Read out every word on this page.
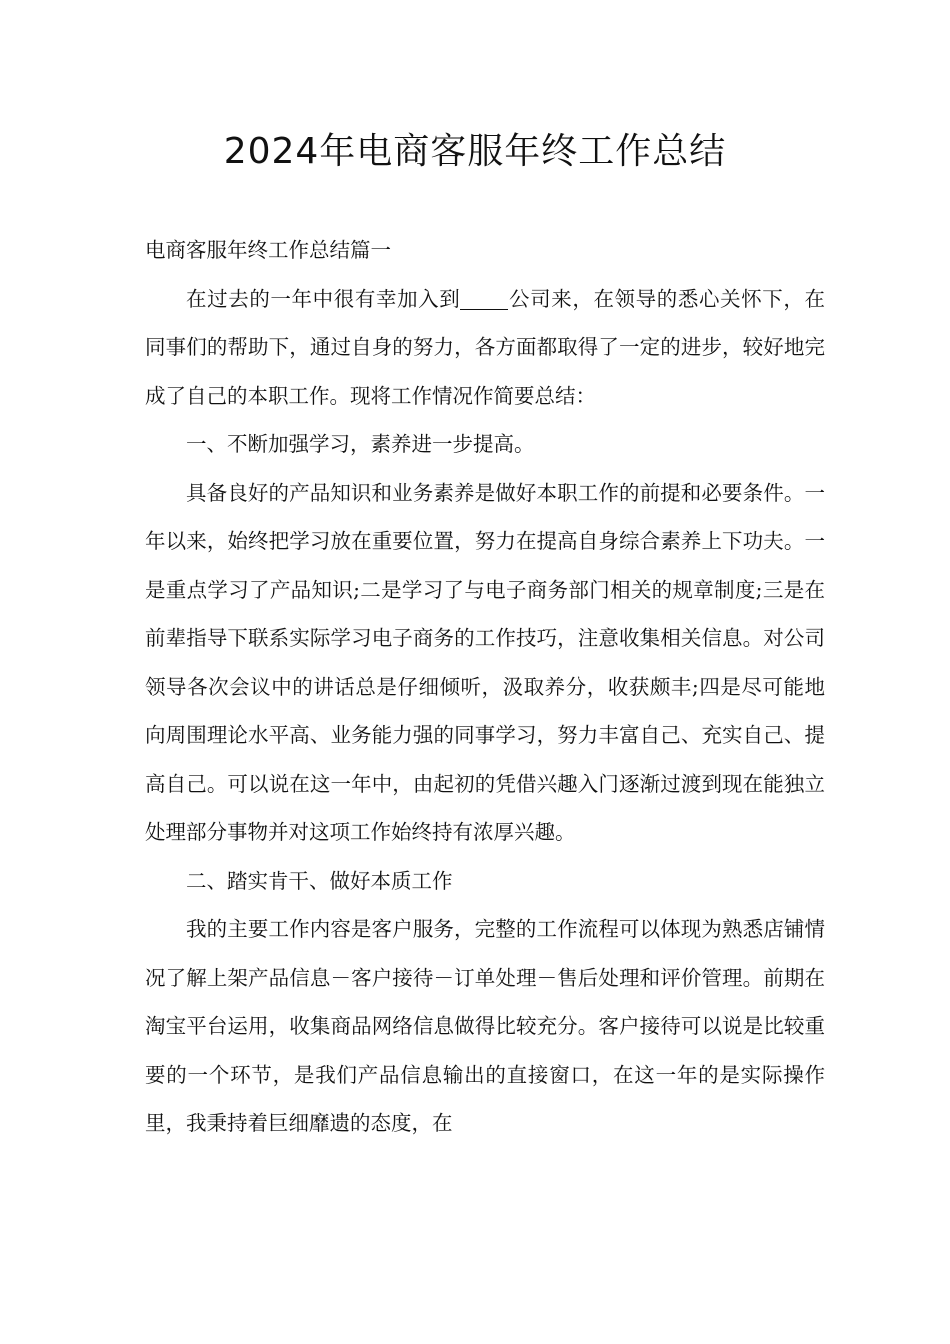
2024年电商客服年终工作总结

电商客服年终工作总结篇一

在过去的一年中很有幸加入到 公司来，在领导的悉心关怀下，在同事们的帮助下，通过自身的努力，各方面都取得了一定的进步，较好地完成了自己的本职工作。现将工作情况作简要总结：

一、不断加强学习，素养进一步提高。

具备良好的产品知识和业务素养是做好本职工作的前提和必要条件。一年以来，始终把学习放在重要位置，努力在提高自身综合素养上下功夫。一是重点学习了产品知识;二是学习了与电子商务部门相关的规章制度;三是在前辈指导下联系实际学习电子商务的工作技巧，注意收集相关信息。对公司领导各次会议中的讲话总是仔细倾听，汲取养分，收获颇丰;四是尽可能地向周围理论水平高、业务能力强的同事学习，努力丰富自己、充实自己、提高自己。可以说在这一年中，由起初的凭借兴趣入门逐渐过渡到现在能独立处理部分事物并对这项工作始终持有浓厚兴趣。

二、踏实肯干、做好本质工作

我的主要工作内容是客户服务，完整的工作流程可以体现为熟悉店铺情况了解上架产品信息－客户接待－订单处理－售后处理和评价管理。前期在淘宝平台运用，收集商品网络信息做得比较充分。客户接待可以说是比较重要的一个环节，是我们产品信息输出的直接窗口，在这一年的是实际操作里，我秉持着巨细靡遗的态度，在
